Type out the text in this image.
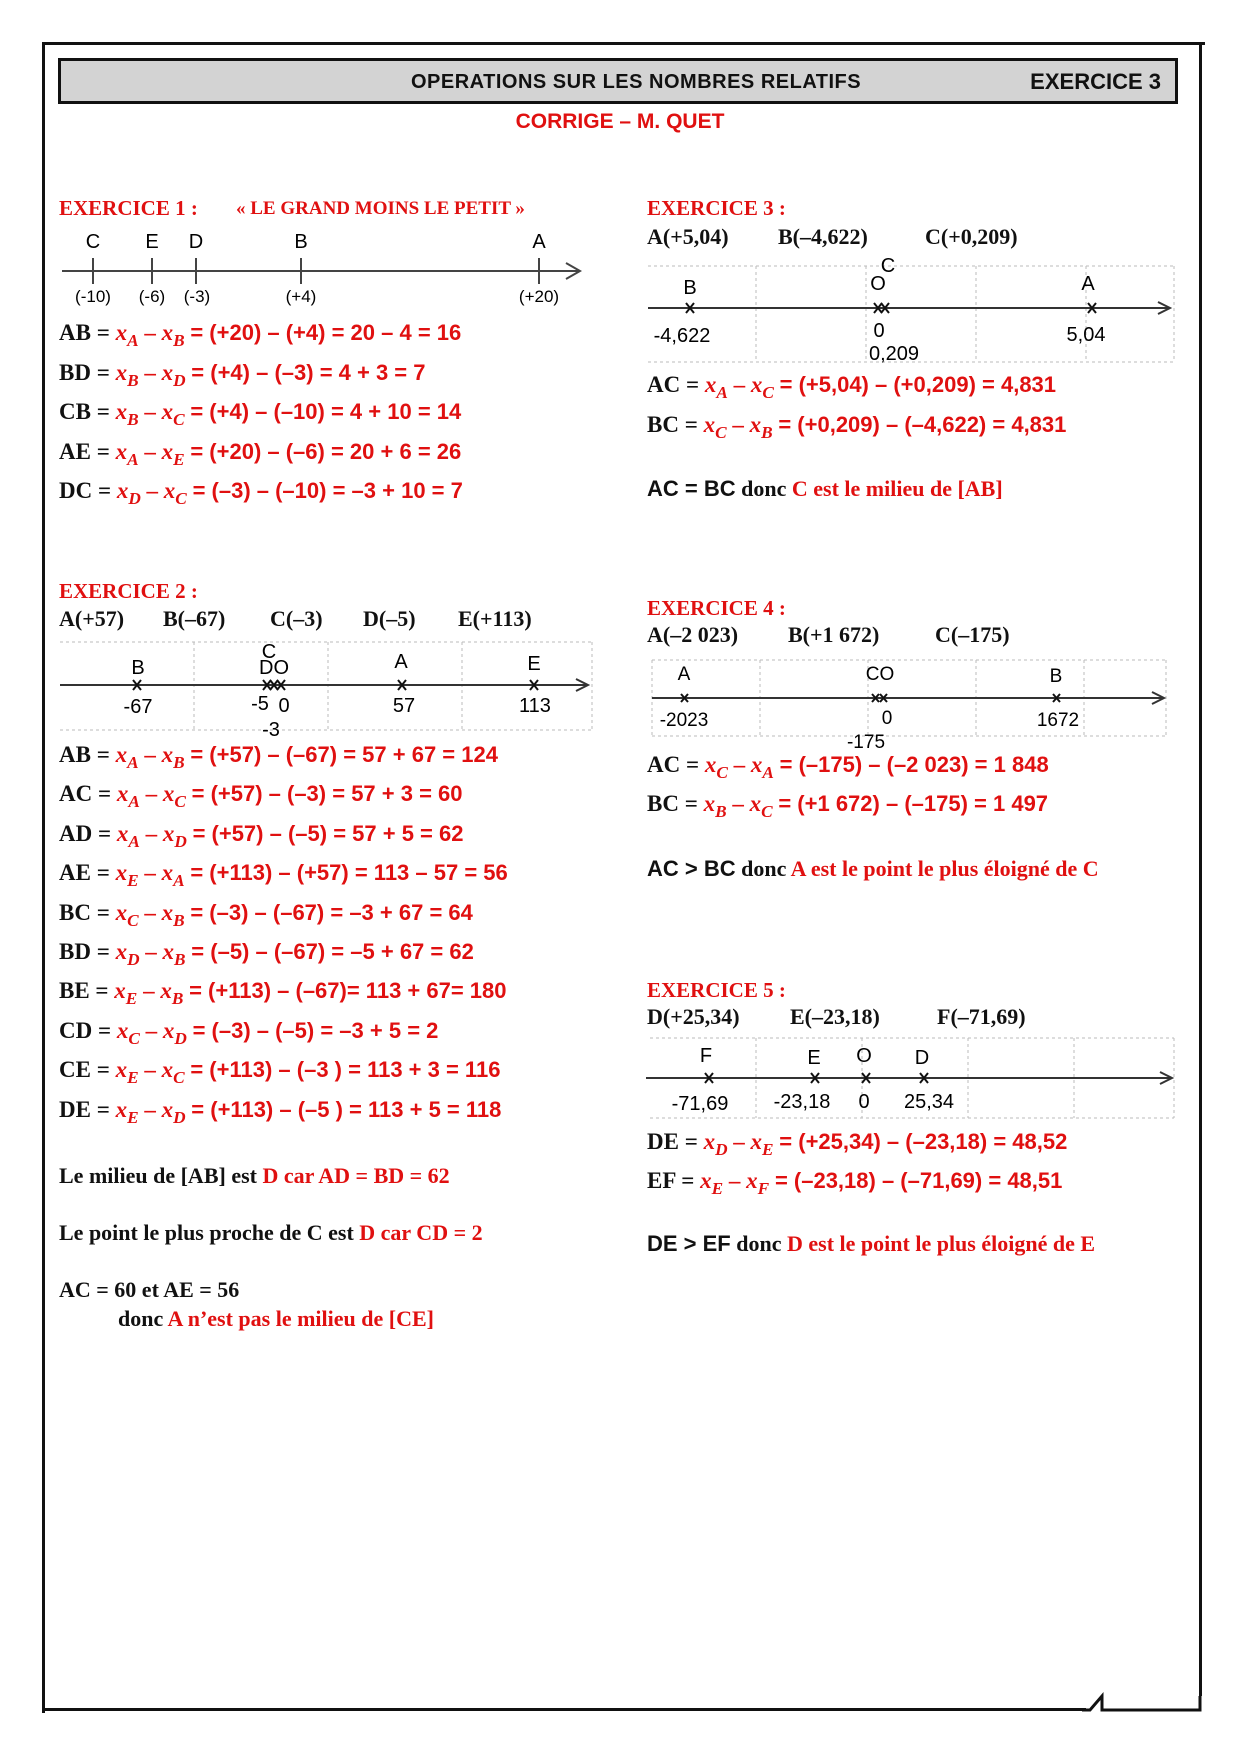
OPERATIONS SUR LES NOMBRES RELATIFS	EXERCICE 3
CORRIGE – M. QUET
EXERCICE 1 : « LE GRAND MOINS LE PETIT »
C E D	B	A
(-10) (-6) (-3)	(+4)	(+20)
AB = $x_A - x_B = (+20) - (+4) = 20 - 4 = 16$
BD = $x_B - x_D = (+4) - (-3) = 4 + 3 = 7$
CB = $x_B - x_C = (+4) - (-10) = 4 + 10 = 14$
AE = $x_A - x_E = (+20) - (-6) = 20 + 6 = 26$
DC = $x_D - x_C = (-3) - (-10) = -3 + 10 = 7$
EXERCICE 2 :
A(+57) B(–67) C(–3) D(–5) E(+113)
B
C
DO	A	E
-67	-5 0
-3
57	113
AB = $x_A - x_B = (+57) - (-67) = 57 + 67 = 124$
AC = $x_A - x_C = (+57) - (-3) = 57 + 3 = 60$
AD = $x_A - x_D = (+57) - (-5) = 57 + 5 = 62$
AE = $x_E - x_A = (+113) - (+57) = 113 - 57 = 56$
BC = $x_C - x_B = (-3) - (-67) = -3 + 67 = 64$
BD = $x_D - x_B = (-5) - (-67) = -5 + 67 = 62$
BE = $x_E - x_B = (+113) - (-67)= 113 + 67= 180$
CD = $x_C - x_D = (-3) - (-5) = -3 + 5 = 2$
CE = $x_E - x_C = (+113) - (-3$ ) = 113 + 3 = 116
DE = $x_E - x_D = (+113) - (-5$ ) = 113 + 5 = 118
Le milieu de [AB] est D car AD = BD = 62
Le point le plus proche de C est D car CD = 2
AC = 60 et AE = 56
donc A n’est pas le milieu de [CE]
EXERCICE 3 :
A(+5,04) B(–4,622)	C(+0,209)
B
C
O	A
-4,622	0
0,209
5,04
AC = $x_A - x_C = (+5,04) - (+0,209) = 4,831$
BC = $x_C - x_B = (+0,209) - (-4,622) = 4,831$
AC = BC donc C est le milieu de [AB]
EXERCICE 4 :
A(–2 023) B(+1 672)	C(–175)
A	CO	B
-2023	0
-175
1672
AC = $x_C - x_A = (-175) - (-2$ 023) = 1 848
BC = $x_B - x_C = (+1$ 672) – (–175) = 1 497
AC > BC donc A est le point le plus éloigné de C
EXERCICE 5 :
D(+25,34) E(–23,18)	F(–71,69)
F	E O D
-71,69 -23,18 0 25,34
DE = $x_D - x_E = (+25,34) - (-23,18) = 48,52$
EF = $x_E - x_F = (-23,18) - (-71,69) = 48,51$
DE > EF donc D est le point le plus éloigné de E
